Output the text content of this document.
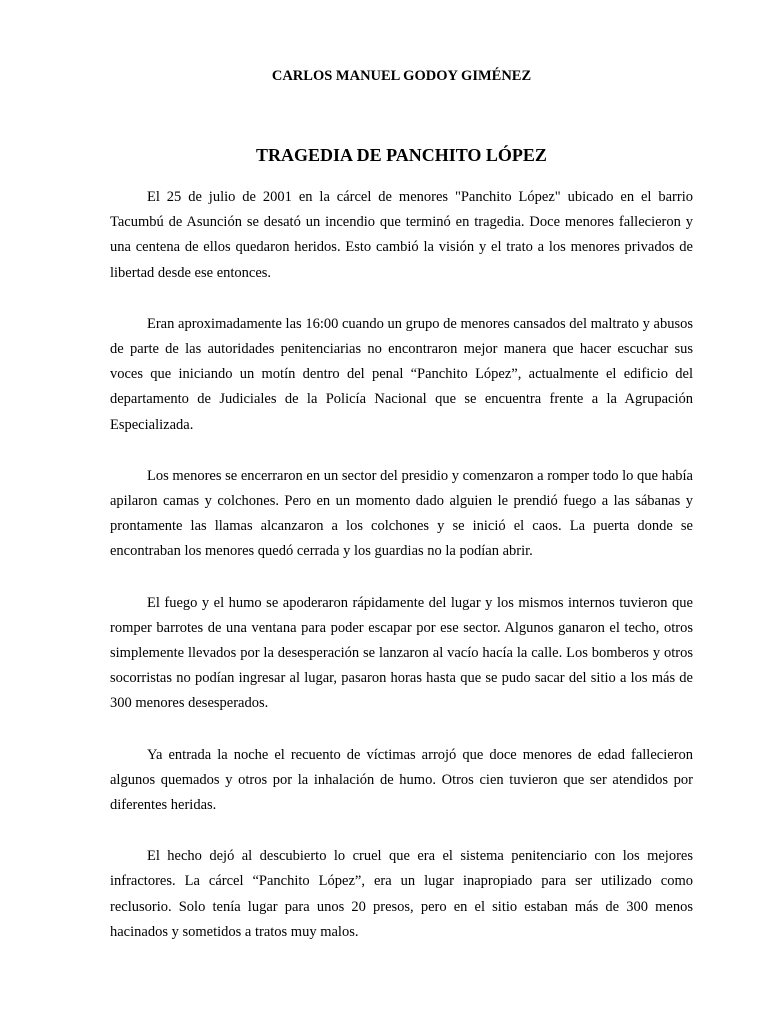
CARLOS MANUEL GODOY GIMÉNEZ
TRAGEDIA DE PANCHITO LÓPEZ

El 25 de julio de 2001 en la cárcel de menores "Panchito López" ubicado en el barrio Tacumbú de Asunción se desató un incendio que terminó en tragedia. Doce menores fallecieron y una centena de ellos quedaron heridos. Esto cambió la visión y el trato a los menores privados de libertad desde ese entonces.

Eran aproximadamente las 16:00 cuando un grupo de menores cansados del maltrato y abusos de parte de las autoridades penitenciarias no encontraron mejor manera que hacer escuchar sus voces que iniciando un motín dentro del penal “Panchito López”, actualmente el edificio del departamento de Judiciales de la Policía Nacional que se encuentra frente a la Agrupación Especializada.

Los menores se encerraron en un sector del presidio y comenzaron a romper todo lo que había apilaron camas y colchones. Pero en un momento dado alguien le prendió fuego a las sábanas y prontamente las llamas alcanzaron a los colchones y se inició el caos. La puerta donde se encontraban los menores quedó cerrada y los guardias no la podían abrir.

El fuego y el humo se apoderaron rápidamente del lugar y los mismos internos tuvieron que romper barrotes de una ventana para poder escapar por ese sector. Algunos ganaron el techo, otros simplemente llevados por la desesperación se lanzaron al vacío hacía la calle. Los bomberos y otros socorristas no podían ingresar al lugar, pasaron horas hasta que se pudo sacar del sitio a los más de 300 menores desesperados.

Ya entrada la noche el recuento de víctimas arrojó que doce menores de edad fallecieron algunos quemados y otros por la inhalación de humo. Otros cien tuvieron que ser atendidos por diferentes heridas.

El hecho dejó al descubierto lo cruel que era el sistema penitenciario con los mejores infractores. La cárcel “Panchito López”, era un lugar inapropiado para ser utilizado como reclusorio. Solo tenía lugar para unos 20 presos, pero en el sitio estaban más de 300 menos hacinados y sometidos a tratos muy malos.
